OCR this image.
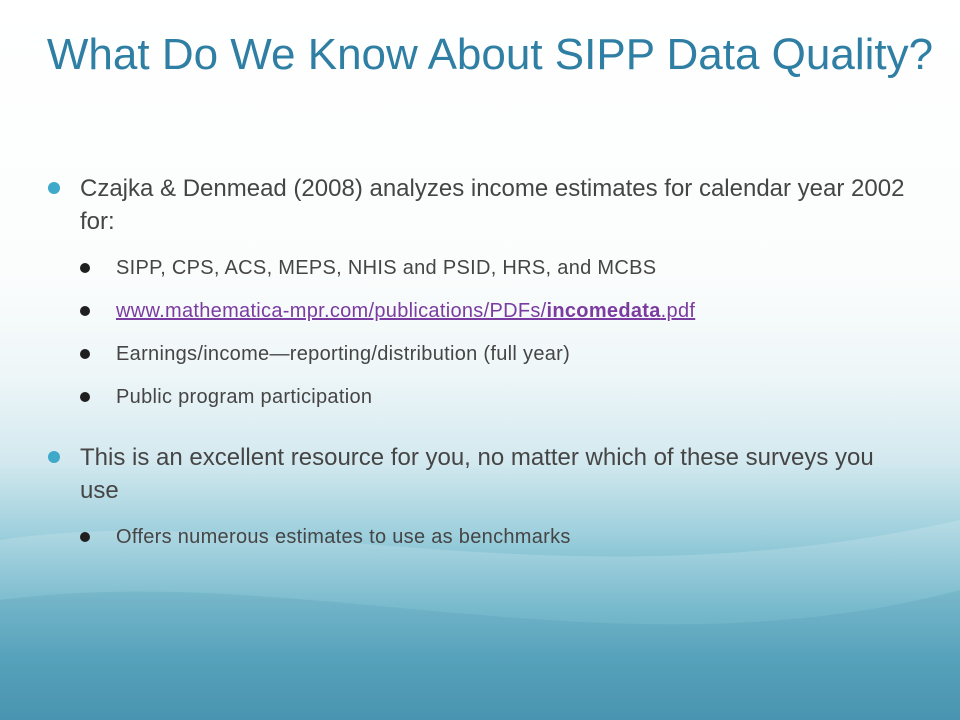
What Do We Know About SIPP Data Quality?
Czajka & Denmead (2008) analyzes income estimates for calendar year 2002 for:
SIPP, CPS, ACS, MEPS, NHIS and PSID, HRS, and MCBS
www.mathematica-mpr.com/publications/PDFs/incomedata.pdf
Earnings/income—reporting/distribution (full year)
Public program participation
This is an excellent resource for you, no matter which of these surveys you use
Offers numerous estimates to use as benchmarks
